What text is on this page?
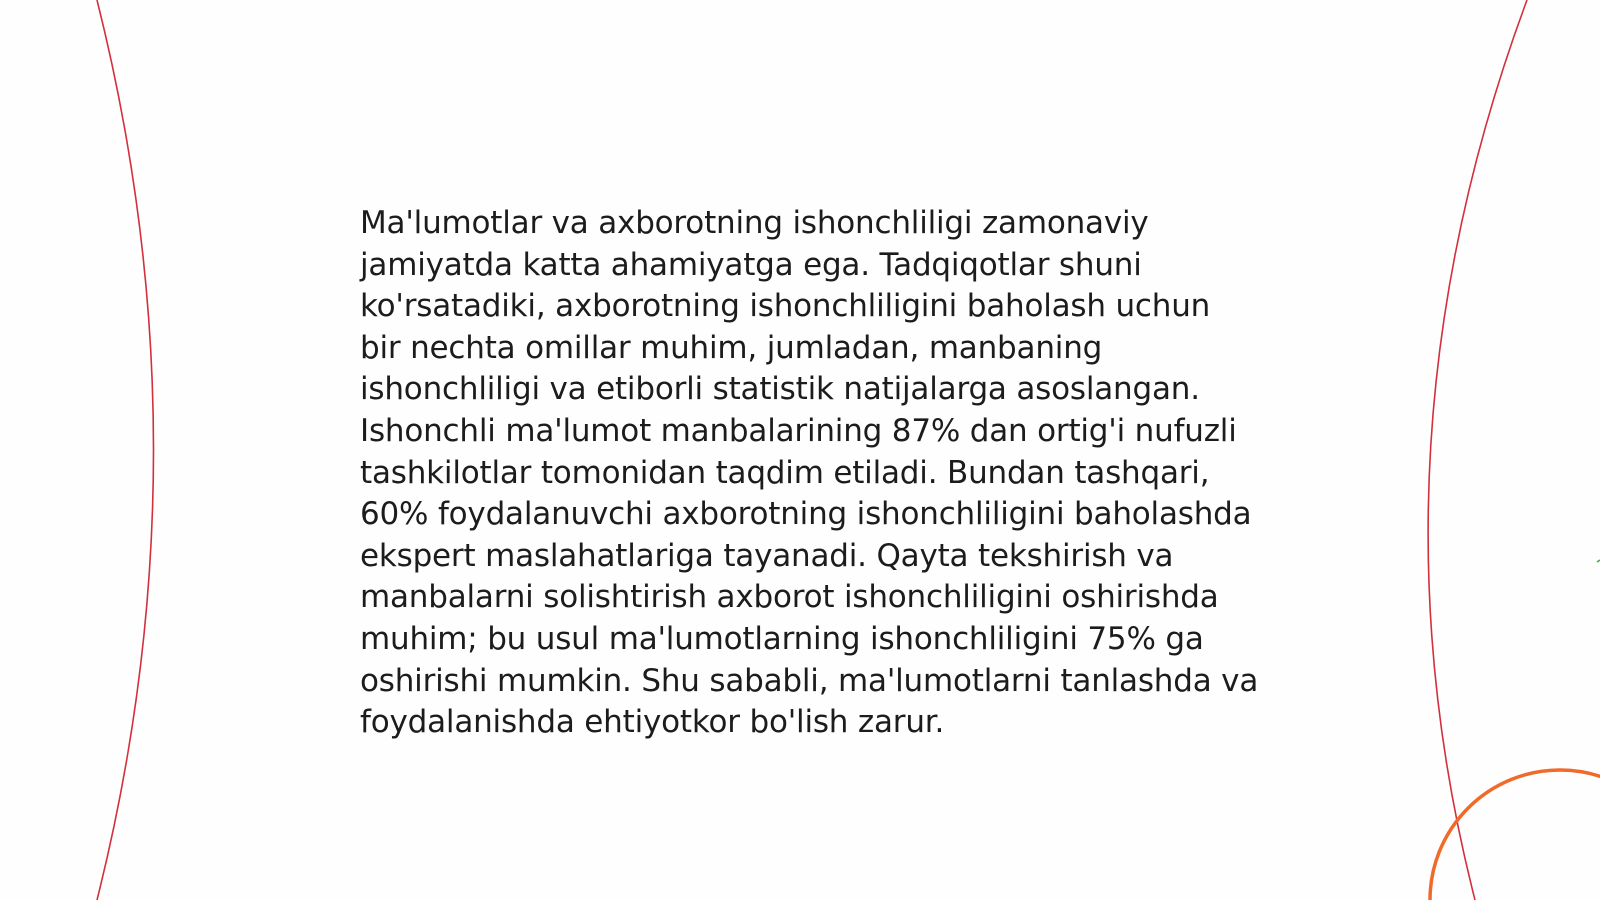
Ma'lumotlar va axborotning ishonchliligi zamonaviy jamiyatda katta ahamiyatga ega. Tadqiqotlar shuni ko'rsatadiki, axborotning ishonchliligini baholash uchun bir nechta omillar muhim, jumladan, manbaning ishonchliligi va etiborli statistik natijalarga asoslangan. Ishonchli ma'lumot manbalarining 87% dan ortig'i nufuzli tashkilotlar tomonidan taqdim etiladi. Bundan tashqari, 60% foydalanuvchi axborotning ishonchliligini baholashda ekspert maslahatlariga tayanadi. Qayta tekshirish va manbalarni solishtirish axborot ishonchliligini oshirishda muhim; bu usul ma'lumotlarning ishonchliligini 75% ga oshirishi mumkin. Shu sababli, ma'lumotlarni tanlashda va foydalanishda ehtiyotkor bo'lish zarur.
